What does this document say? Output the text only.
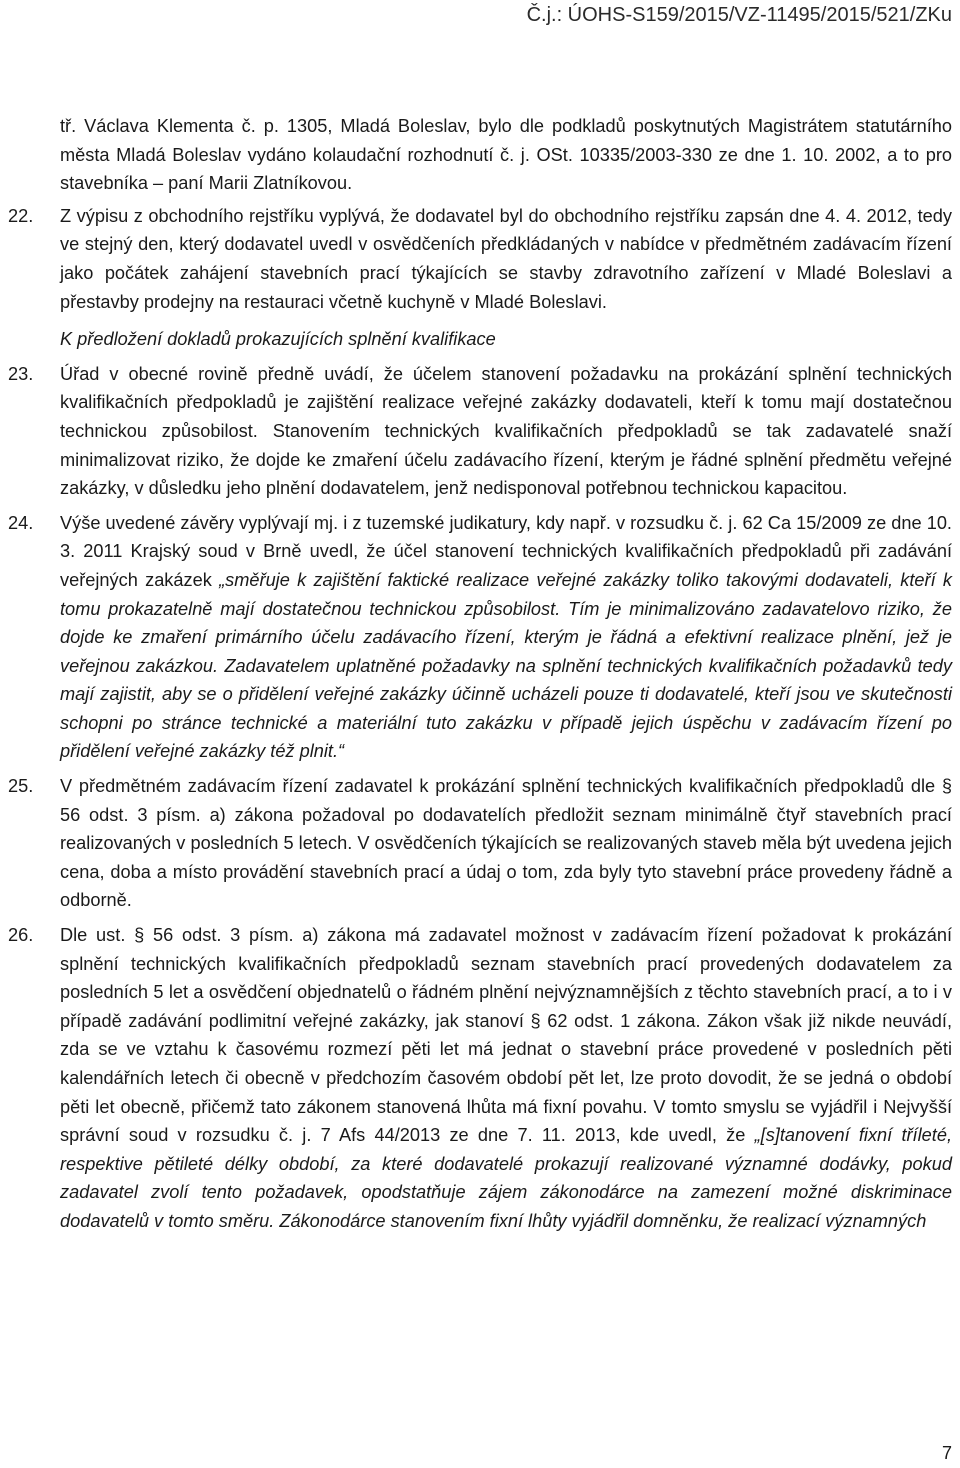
Č.j.: ÚOHS-S159/2015/VZ-11495/2015/521/ZKu
tř. Václava Klementa č. p. 1305, Mladá Boleslav, bylo dle podkladů poskytnutých Magistrátem statutárního města Mladá Boleslav vydáno kolaudační rozhodnutí č. j. OSt. 10335/2003-330 ze dne 1. 10. 2002, a to pro stavebníka – paní Marii Zlatníkovou.
22. Z výpisu z obchodního rejstříku vyplývá, že dodavatel byl do obchodního rejstříku zapsán dne 4. 4. 2012, tedy ve stejný den, který dodavatel uvedl v osvědčeních předkládaných v nabídce v předmětném zadávacím řízení jako počátek zahájení stavebních prací týkajících se stavby zdravotního zařízení v Mladé Boleslavi a přestavby prodejny na restauraci včetně kuchyně v Mladé Boleslavi.
K předložení dokladů prokazujících splnění kvalifikace
23. Úřad v obecné rovině předně uvádí, že účelem stanovení požadavku na prokázání splnění technických kvalifikačních předpokladů je zajištění realizace veřejné zakázky dodavateli, kteří k tomu mají dostatečnou technickou způsobilost. Stanovením technických kvalifikačních předpokladů se tak zadavatelé snaží minimalizovat riziko, že dojde ke zmaření účelu zadávacího řízení, kterým je řádné splnění předmětu veřejné zakázky, v důsledku jeho plnění dodavatelem, jenž nedisponoval potřebnou technickou kapacitou.
24. Výše uvedené závěry vyplývají mj. i z tuzemské judikatury, kdy např. v rozsudku č. j. 62 Ca 15/2009 ze dne 10. 3. 2011 Krajský soud v Brně uvedl, že účel stanovení technických kvalifikačních předpokladů při zadávání veřejných zakázek „směřuje k zajištění faktické realizace veřejné zakázky toliko takovými dodavateli, kteří k tomu prokazatelně mají dostatečnou technickou způsobilost. Tím je minimalizováno zadavatelovo riziko, že dojde ke zmaření primárního účelu zadávacího řízení, kterým je řádná a efektivní realizace plnění, jež je veřejnou zakázkou. Zadavatelem uplatněné požadavky na splnění technických kvalifikačních požadavků tedy mají zajistit, aby se o přidělení veřejné zakázky účinně ucházeli pouze ti dodavatelé, kteří jsou ve skutečnosti schopni po stránce technické a materiální tuto zakázku v případě jejich úspěchu v zadávacím řízení po přidělení veřejné zakázky též plnit.“
25. V předmětném zadávacím řízení zadavatel k prokázání splnění technických kvalifikačních předpokladů dle § 56 odst. 3 písm. a) zákona požadoval po dodavatelích předložit seznam minimálně čtyř stavebních prací realizovaných v posledních 5 letech. V osvědčeních týkajících se realizovaných staveb měla být uvedena jejich cena, doba a místo provádění stavebních prací a údaj o tom, zda byly tyto stavební práce provedeny řádně a odborně.
26. Dle ust. § 56 odst. 3 písm. a) zákona má zadavatel možnost v zadávacím řízení požadovat k prokázání splnění technických kvalifikačních předpokladů seznam stavebních prací provedených dodavatelem za posledních 5 let a osvědčení objednatelů o řádném plnění nejvýznamnějších z těchto stavebních prací, a to i v případě zadávání podlimitní veřejné zakázky, jak stanoví § 62 odst. 1 zákona. Zákon však již nikde neuvádí, zda se ve vztahu k časovému rozmezí pěti let má jednat o stavební práce provedené v posledních pěti kalendářních letech či obecně v předchozím časovém období pět let, lze proto dovodit, že se jedná o období pěti let obecně, přičemž tato zákonem stanovená lhůta má fixní povahu. V tomto smyslu se vyjádřil i Nejvyšší správní soud v rozsudku č. j. 7 Afs 44/2013 ze dne 7. 11. 2013, kde uvedl, že „[s]tanovení fixní tříleté, respektive pětileté délky období, za které dodavatelé prokazují realizované významné dodávky, pokud zadavatel zvolí tento požadavek, opodstatňuje zájem zákonodárce na zamezení možné diskriminace dodavatelů v tomto směru. Zákonodárce stanovením fixní lhůty vyjádřil domněnku, že realizací významných
7
